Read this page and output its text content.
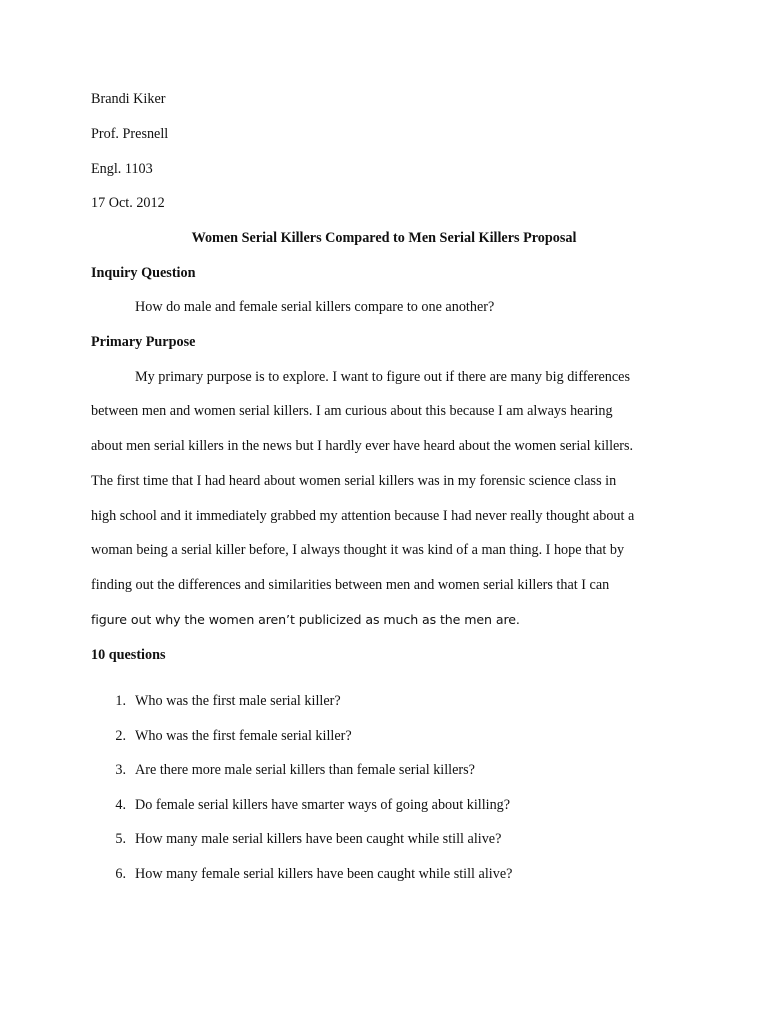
Brandi Kiker
Prof. Presnell
Engl. 1103
17 Oct. 2012
Women Serial Killers Compared to Men Serial Killers Proposal
Inquiry Question
How do male and female serial killers compare to one another?
Primary Purpose
My primary purpose is to explore. I want to figure out if there are many big differences
between men and women serial killers. I am curious about this because I am always hearing
about men serial killers in the news but I hardly ever have heard about the women serial killers.
The first time that I had heard about women serial killers was in my forensic science class in
high school and it immediately grabbed my attention because I had never really thought about a
woman being a serial killer before, I always thought it was kind of a man thing. I hope that by
finding out the differences and similarities between men and women serial killers that I can
figure out why the women aren’t publicized as much as the men are.
10 questions
1. Who was the first male serial killer?
2. Who was the first female serial killer?
3. Are there more male serial killers than female serial killers?
4. Do female serial killers have smarter ways of going about killing?
5. How many male serial killers have been caught while still alive?
6. How many female serial killers have been caught while still alive?
